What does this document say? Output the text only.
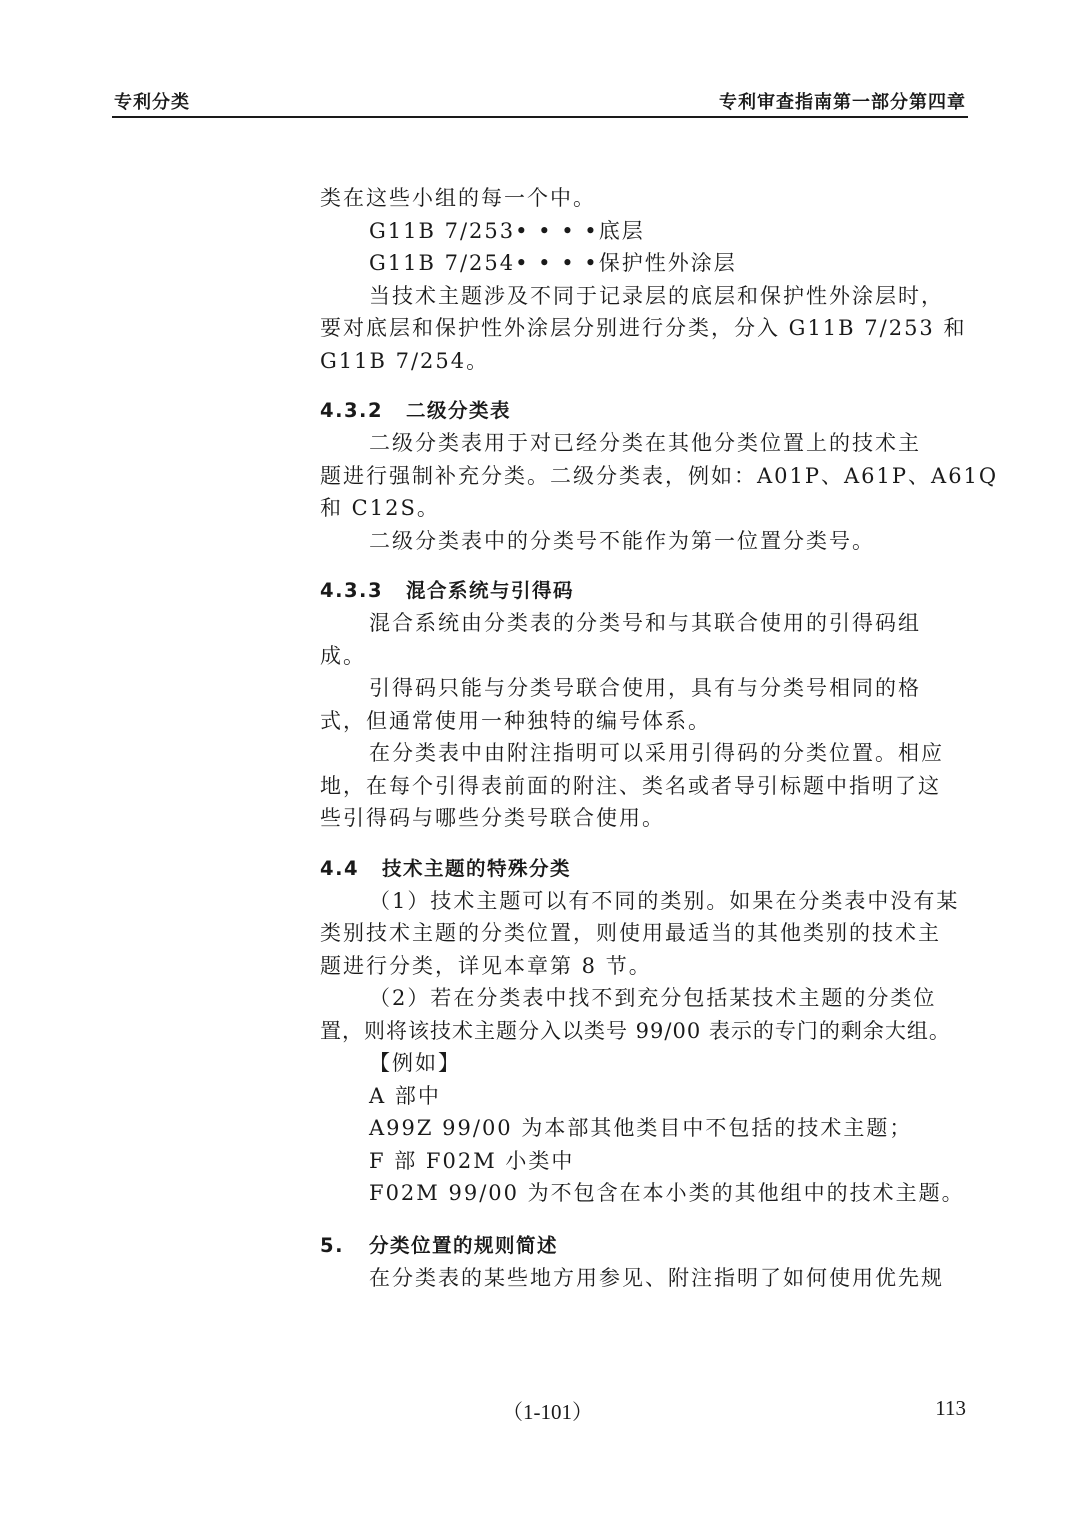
专利分类	专利审查指南第一部分第四章
类在这些小组的每一个中。
G11B 7/253• • • •底层
G11B 7/254• • • •保护性外涂层
当技术主题涉及不同于记录层的底层和保护性外涂层时，
要对底层和保护性外涂层分别进行分类，分入 G11B 7/253 和
G11B 7/254。
4.3.2 二级分类表
二级分类表用于对已经分类在其他分类位置上的技术主
题进行强制补充分类。二级分类表，例如：A01P、A61P、A61Q
和 C12S。
二级分类表中的分类号不能作为第一位置分类号。
4.3.3 混合系统与引得码
混合系统由分类表的分类号和与其联合使用的引得码组
成。
引得码只能与分类号联合使用，具有与分类号相同的格
式，但通常使用一种独特的编号体系。
在分类表中由附注指明可以采用引得码的分类位置。相应
地，在每个引得表前面的附注、类名或者导引标题中指明了这
些引得码与哪些分类号联合使用。
4.4 技术主题的特殊分类
（1）技术主题可以有不同的类别。如果在分类表中没有某
类别技术主题的分类位置，则使用最适当的其他类别的技术主
题进行分类，详见本章第 8 节。
（2）若在分类表中找不到充分包括某技术主题的分类位
置，则将该技术主题分入以类号 99/00 表示的专门的剩余大组。
【例如】
A 部中
A99Z 99/00 为本部其他类目中不包括的技术主题；
F 部 F02M 小类中
F02M 99/00 为不包含在本小类的其他组中的技术主题。
5. 分类位置的规则简述
在分类表的某些地方用参见、附注指明了如何使用优先规
（1-101）	113
